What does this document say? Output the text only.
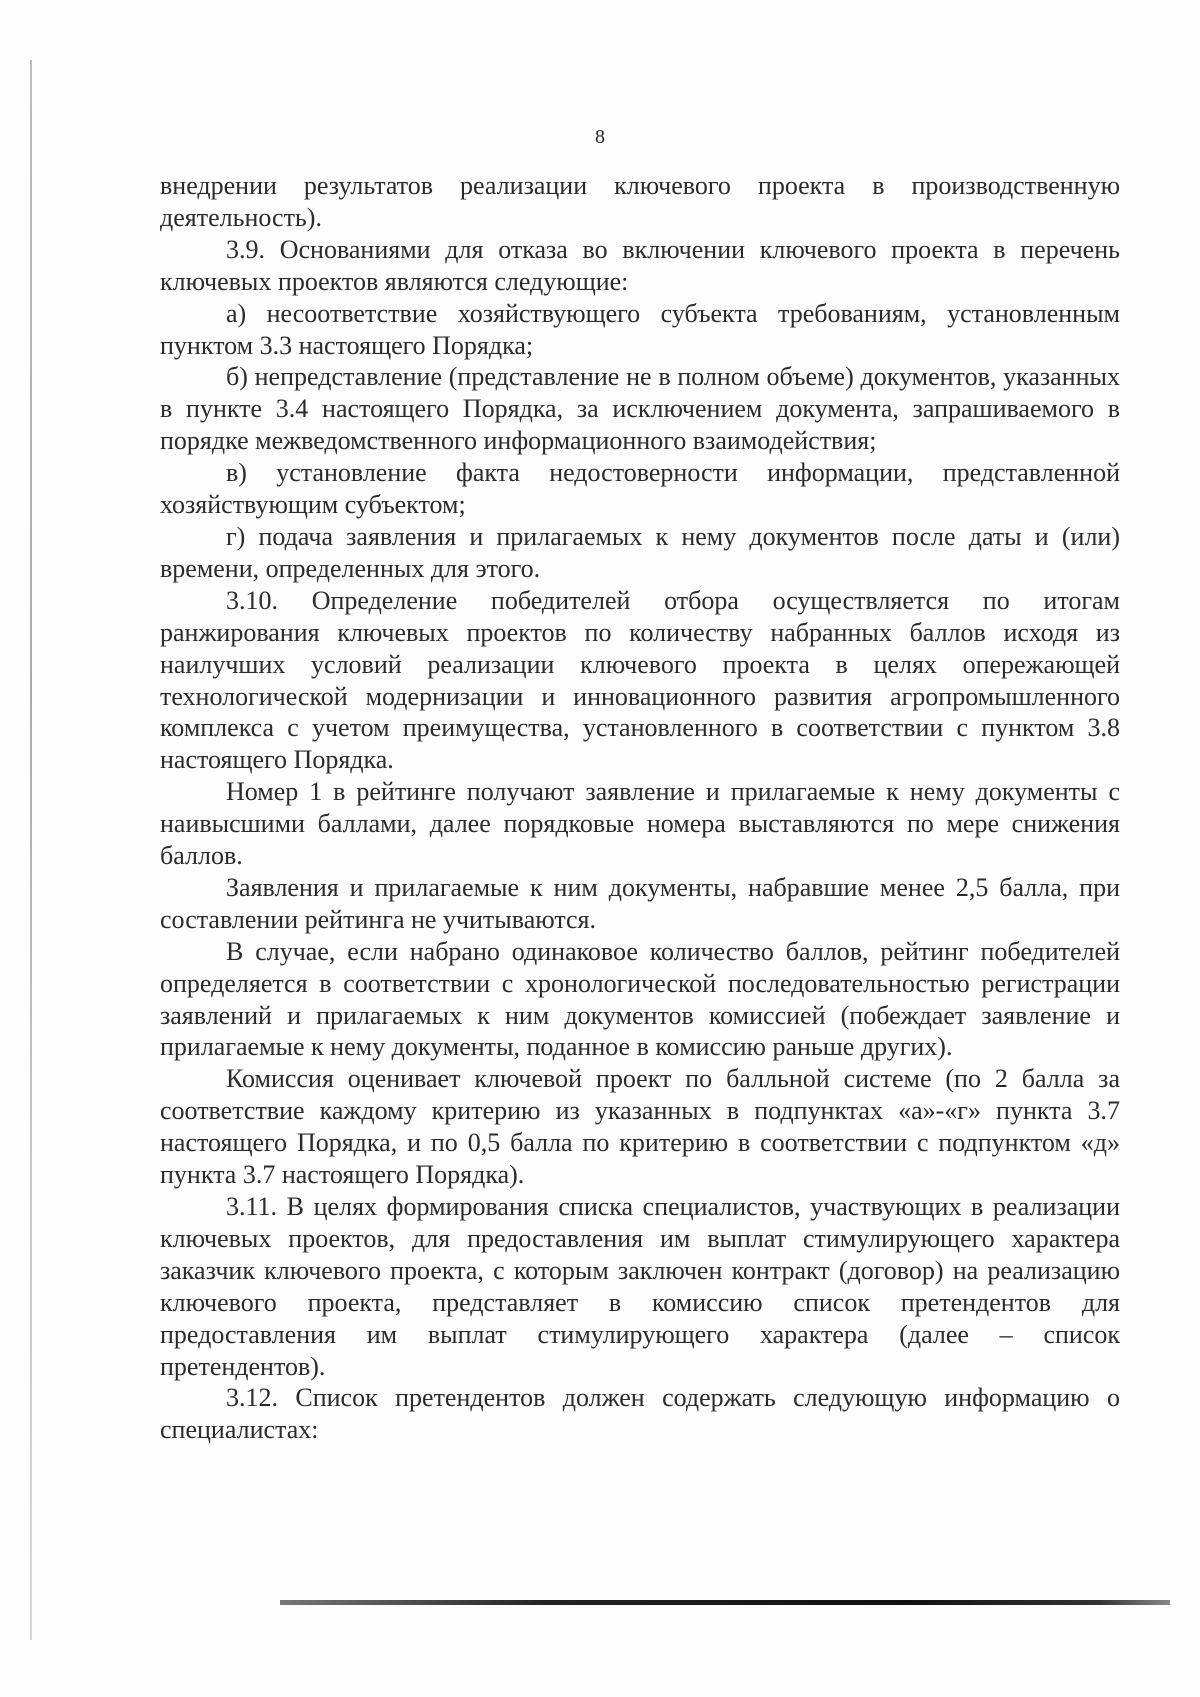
8

внедрении результатов реализации ключевого проекта в производственную деятельность).

3.9. Основаниями для отказа во включении ключевого проекта в перечень ключевых проектов являются следующие:

а) несоответствие хозяйствующего субъекта требованиям, установленным пунктом 3.3 настоящего Порядка;

б) непредставление (представление не в полном объеме) документов, указанных в пункте 3.4 настоящего Порядка, за исключением документа, запрашиваемого в порядке межведомственного информационного взаимодействия;

в) установление факта недостоверности информации, представленной хозяйствующим субъектом;

г) подача заявления и прилагаемых к нему документов после даты и (или) времени, определенных для этого.

3.10. Определение победителей отбора осуществляется по итогам ранжирования ключевых проектов по количеству набранных баллов исходя из наилучших условий реализации ключевого проекта в целях опережающей технологической модернизации и инновационного развития агропромышленного комплекса с учетом преимущества, установленного в соответствии с пунктом 3.8 настоящего Порядка.

Номер 1 в рейтинге получают заявление и прилагаемые к нему документы с наивысшими баллами, далее порядковые номера выставляются по мере снижения баллов.

Заявления и прилагаемые к ним документы, набравшие менее 2,5 балла, при составлении рейтинга не учитываются.

В случае, если набрано одинаковое количество баллов, рейтинг победителей определяется в соответствии с хронологической последовательностью регистрации заявлений и прилагаемых к ним документов комиссией (побеждает заявление и прилагаемые к нему документы, поданное в комиссию раньше других).

Комиссия оценивает ключевой проект по балльной системе (по 2 балла за соответствие каждому критерию из указанных в подпунктах «а»-«г» пункта 3.7 настоящего Порядка, и по 0,5 балла по критерию в соответствии с подпунктом «д» пункта 3.7 настоящего Порядка).

3.11. В целях формирования списка специалистов, участвующих в реализации ключевых проектов, для предоставления им выплат стимулирующего характера заказчик ключевого проекта, с которым заключен контракт (договор) на реализацию ключевого проекта, представляет в комиссию список претендентов для предоставления им выплат стимулирующего характера (далее – список претендентов).

3.12. Список претендентов должен содержать следующую информацию о специалистах:
